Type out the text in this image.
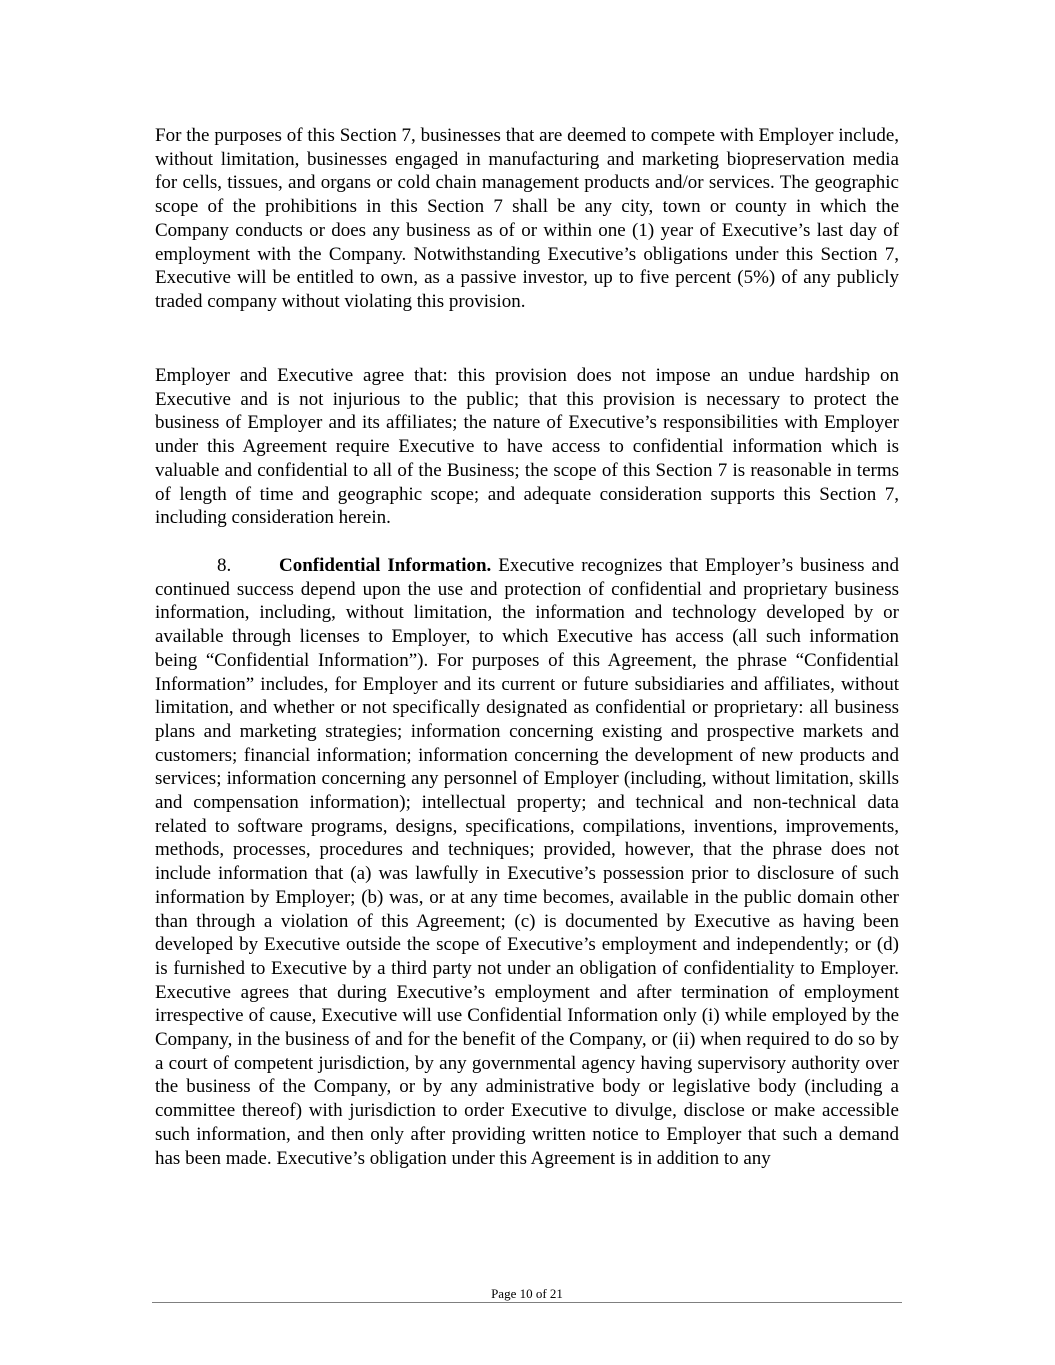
For the purposes of this Section 7, businesses that are deemed to compete with Employer include, without limitation, businesses engaged in manufacturing and marketing biopreservation media for cells, tissues, and organs or cold chain management products and/or services. The geographic scope of the prohibitions in this Section 7 shall be any city, town or county in which the Company conducts or does any business as of or within one (1) year of Executive’s last day of employment with the Company. Notwithstanding Executive’s obligations under this Section 7, Executive will be entitled to own, as a passive investor, up to five percent (5%) of any publicly traded company without violating this provision.

Employer and Executive agree that: this provision does not impose an undue hardship on Executive and is not injurious to the public; that this provision is necessary to protect the business of Employer and its affiliates; the nature of Executive’s responsibilities with Employer under this Agreement require Executive to have access to confidential information which is valuable and confidential to all of the Business; the scope of this Section 7 is reasonable in terms of length of time and geographic scope; and adequate consideration supports this Section 7, including consideration herein.

8.	Confidential Information. Executive recognizes that Employer’s business and continued success depend upon the use and protection of confidential and proprietary business information, including, without limitation, the information and technology developed by or available through licenses to Employer, to which Executive has access (all such information being “Confidential Information”). For purposes of this Agreement, the phrase “Confidential Information” includes, for Employer and its current or future subsidiaries and affiliates, without limitation, and whether or not specifically designated as confidential or proprietary: all business plans and marketing strategies; information concerning existing and prospective markets and customers; financial information; information concerning the development of new products and services; information concerning any personnel of Employer (including, without limitation, skills and compensation information); intellectual property; and technical and non-technical data related to software programs, designs, specifications, compilations, inventions, improvements, methods, processes, procedures and techniques; provided, however, that the phrase does not include information that (a) was lawfully in Executive’s possession prior to disclosure of such information by Employer; (b) was, or at any time becomes, available in the public domain other than through a violation of this Agreement; (c) is documented by Executive as having been developed by Executive outside the scope of Executive’s employment and independently; or (d) is furnished to Executive by a third party not under an obligation of confidentiality to Employer. Executive agrees that during Executive’s employment and after termination of employment irrespective of cause, Executive will use Confidential Information only (i) while employed by the Company, in the business of and for the benefit of the Company, or (ii) when required to do so by a court of competent jurisdiction, by any governmental agency having supervisory authority over the business of the Company, or by any administrative body or legislative body (including a committee thereof) with jurisdiction to order Executive to divulge, disclose or make accessible such information, and then only after providing written notice to Employer that such a demand has been made. Executive’s obligation under this Agreement is in addition to any

Page 10 of 21
